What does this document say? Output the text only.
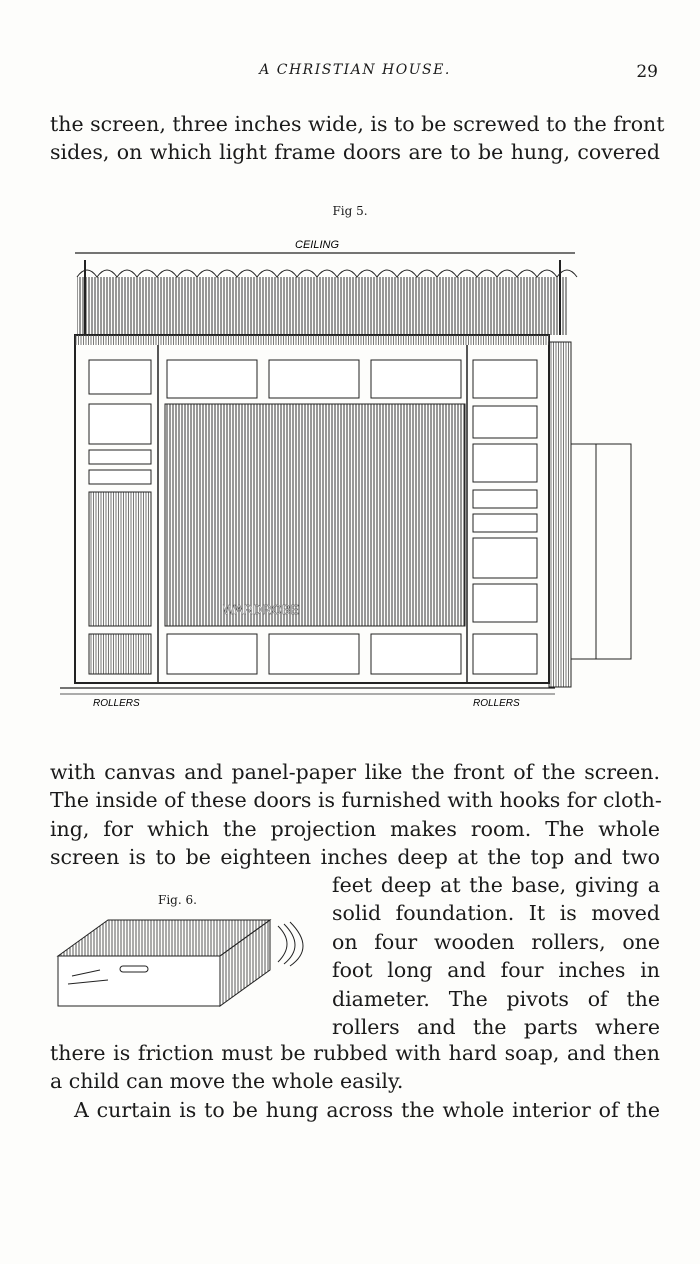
A CHRISTIAN HOUSE.	29
the screen, three inches wide, is to be screwed to the front
sides, on which light frame doors are to be hung, covered
Fig 5.
CEILING
WARDROBE
ROLLERS	ROLLERS
with canvas and panel-paper like the front of the screen.
The inside of these doors is furnished with hooks for cloth-
ing, for which the projection makes room. The whole
screen is to be eighteen inches deep at the top and two
Fig. 6.
feet deep at the base, giving a
solid foundation. It is moved
on four wooden rollers, one
foot long and four inches in
diameter. The pivots of the
rollers and the parts where
there is friction must be rubbed with hard soap, and then
a child can move the whole easily.
A curtain is to be hung across the whole interior of the
